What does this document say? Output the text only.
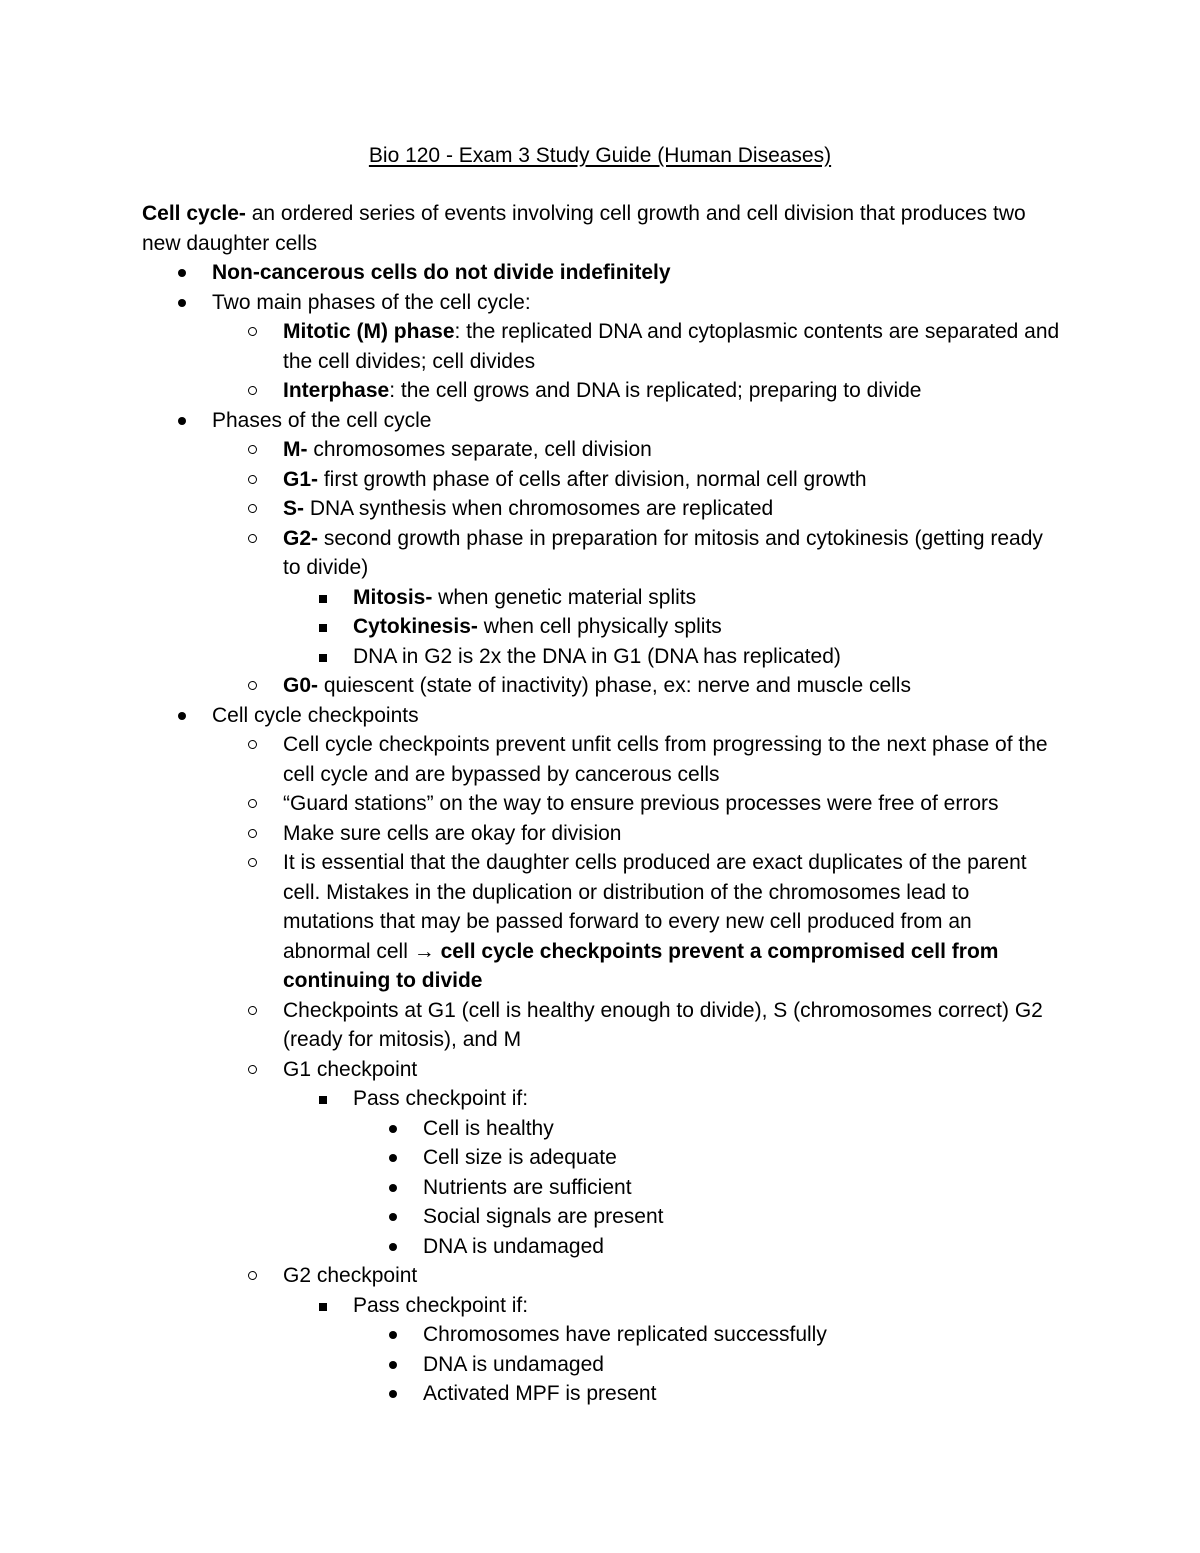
Bio 120 - Exam 3 Study Guide (Human Diseases)

Cell cycle- an ordered series of events involving cell growth and cell division that produces two new daughter cells

Non-cancerous cells do not divide indefinitely
Two main phases of the cell cycle:
Mitotic (M) phase: the replicated DNA and cytoplasmic contents are separated and the cell divides; cell divides
Interphase: the cell grows and DNA is replicated; preparing to divide
Phases of the cell cycle
M- chromosomes separate, cell division
G1- first growth phase of cells after division, normal cell growth
S- DNA synthesis when chromosomes are replicated
G2- second growth phase in preparation for mitosis and cytokinesis (getting ready to divide)
Mitosis- when genetic material splits
Cytokinesis- when cell physically splits
DNA in G2 is 2x the DNA in G1 (DNA has replicated)
G0- quiescent (state of inactivity) phase, ex: nerve and muscle cells
Cell cycle checkpoints
Cell cycle checkpoints prevent unfit cells from progressing to the next phase of the cell cycle and are bypassed by cancerous cells
“Guard stations” on the way to ensure previous processes were free of errors
Make sure cells are okay for division
It is essential that the daughter cells produced are exact duplicates of the parent cell. Mistakes in the duplication or distribution of the chromosomes lead to mutations that may be passed forward to every new cell produced from an abnormal cell → cell cycle checkpoints prevent a compromised cell from continuing to divide
Checkpoints at G1 (cell is healthy enough to divide), S (chromosomes correct) G2 (ready for mitosis), and M
G1 checkpoint
Pass checkpoint if:
Cell is healthy
Cell size is adequate
Nutrients are sufficient
Social signals are present
DNA is undamaged
G2 checkpoint
Pass checkpoint if:
Chromosomes have replicated successfully
DNA is undamaged
Activated MPF is present
